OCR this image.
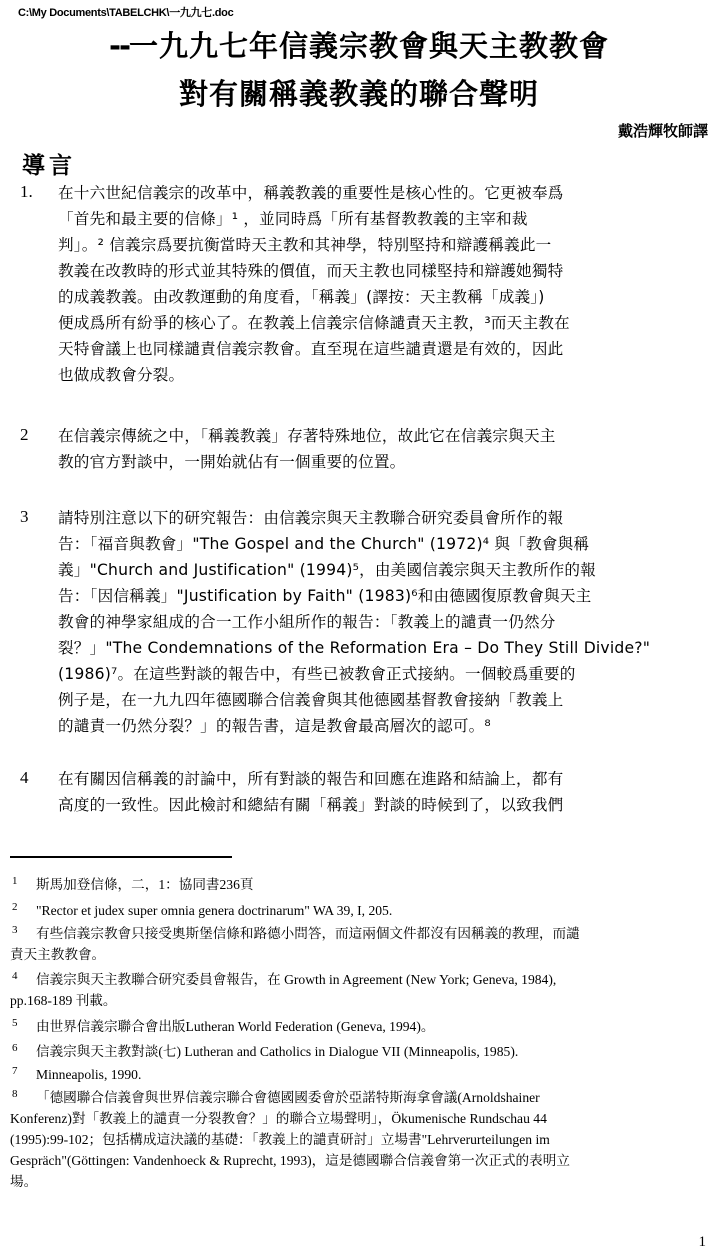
C:\My Documents\TABELCHK\一九九七.doc
--一九九七年信義宗教會與天主教教會
對有關稱義教義的聯合聲明
戴浩輝牧師譯
導言
1. 在十六世紀信義宗的改革中，稱義教義的重要性是核心性的。它更被奉爲
「首先和最主要的信條」¹ ，並同時爲「所有基督教教義的主宰和裁
判」。² 信義宗爲要抗衡當時天主教和其神學，特別堅持和辯護稱義此一
教義在改教時的形式並其特殊的價值，而天主教也同樣堅持和辯護她獨特
的成義教義。由改教運動的角度看，「稱義」(譯按：天主教稱「成義」)
便成爲所有紛爭的核心了。在教義上信義宗信條譴責天主教，³而天主教在
天特會議上也同樣譴責信義宗教會。直至現在這些譴責還是有效的，因此
也做成教會分裂。
2 在信義宗傳統之中，「稱義教義」存著特殊地位，故此它在信義宗與天主
教的官方對談中，一開始就佔有一個重要的位置。
3 請特別注意以下的研究報告：由信義宗與天主教聯合研究委員會所作的報
告：「福音與教會」"The Gospel and the Church" (1972)⁴ 與「教會與稱
義」"Church and Justification" (1994)⁵，由美國信義宗與天主教所作的報
告：「因信稱義」"Justification by Faith" (1983)⁶和由德國復原教會與天主
教會的神學家組成的合一工作小組所作的報告：「教義上的譴責一仍然分
裂？」"The Condemnations of the Reformation Era – Do They Still Divide?"
(1986)⁷。在這些對談的報告中，有些已被教會正式接納。一個較爲重要的
例子是，在一九九四年德國聯合信義會與其他德國基督教會接納「教義上
的譴責一仍然分裂？」的報告書，這是教會最高層次的認可。⁸
4 在有關因信稱義的討論中，所有對談的報告和回應在進路和結論上，都有
高度的一致性。因此檢討和總結有關「稱義」對談的時候到了，以致我們
1 斯馬加登信條，二，1：協同書236頁
2 "Rector et judex super omnia genera doctrinarum" WA 39, I, 205.
3 有些信義宗教會只接受奧斯堡信條和路德小問答，而這兩個文件都沒有因稱義的教理，而譴
責天主教教會。
4 信義宗與天主教聯合研究委員會報告，在 Growth in Agreement (New York; Geneva, 1984),
pp.168-189 刊載。
5 由世界信義宗聯合會出版Lutheran World Federation (Geneva, 1994)。
6 信義宗與天主教對談(七) Lutheran and Catholics in Dialogue VII (Minneapolis, 1985).
7 Minneapolis, 1990.
8 「德國聯合信義會與世界信義宗聯合會德國國委會於亞諾特斯海拿會議(Arnoldshainer
Konferenz)對「教義上的譴責一分裂教會？」的聯合立場聲明」，Ökumenische Rundschau 44
(1995):99-102；包括構成這決議的基礎：「教義上的譴責研討」立場書"Lehrverurteilungen im
Gespräch"(Göttingen: Vandenhoeck & Ruprecht, 1993)，這是德國聯合信義會第一次正式的表明立
場。
1
